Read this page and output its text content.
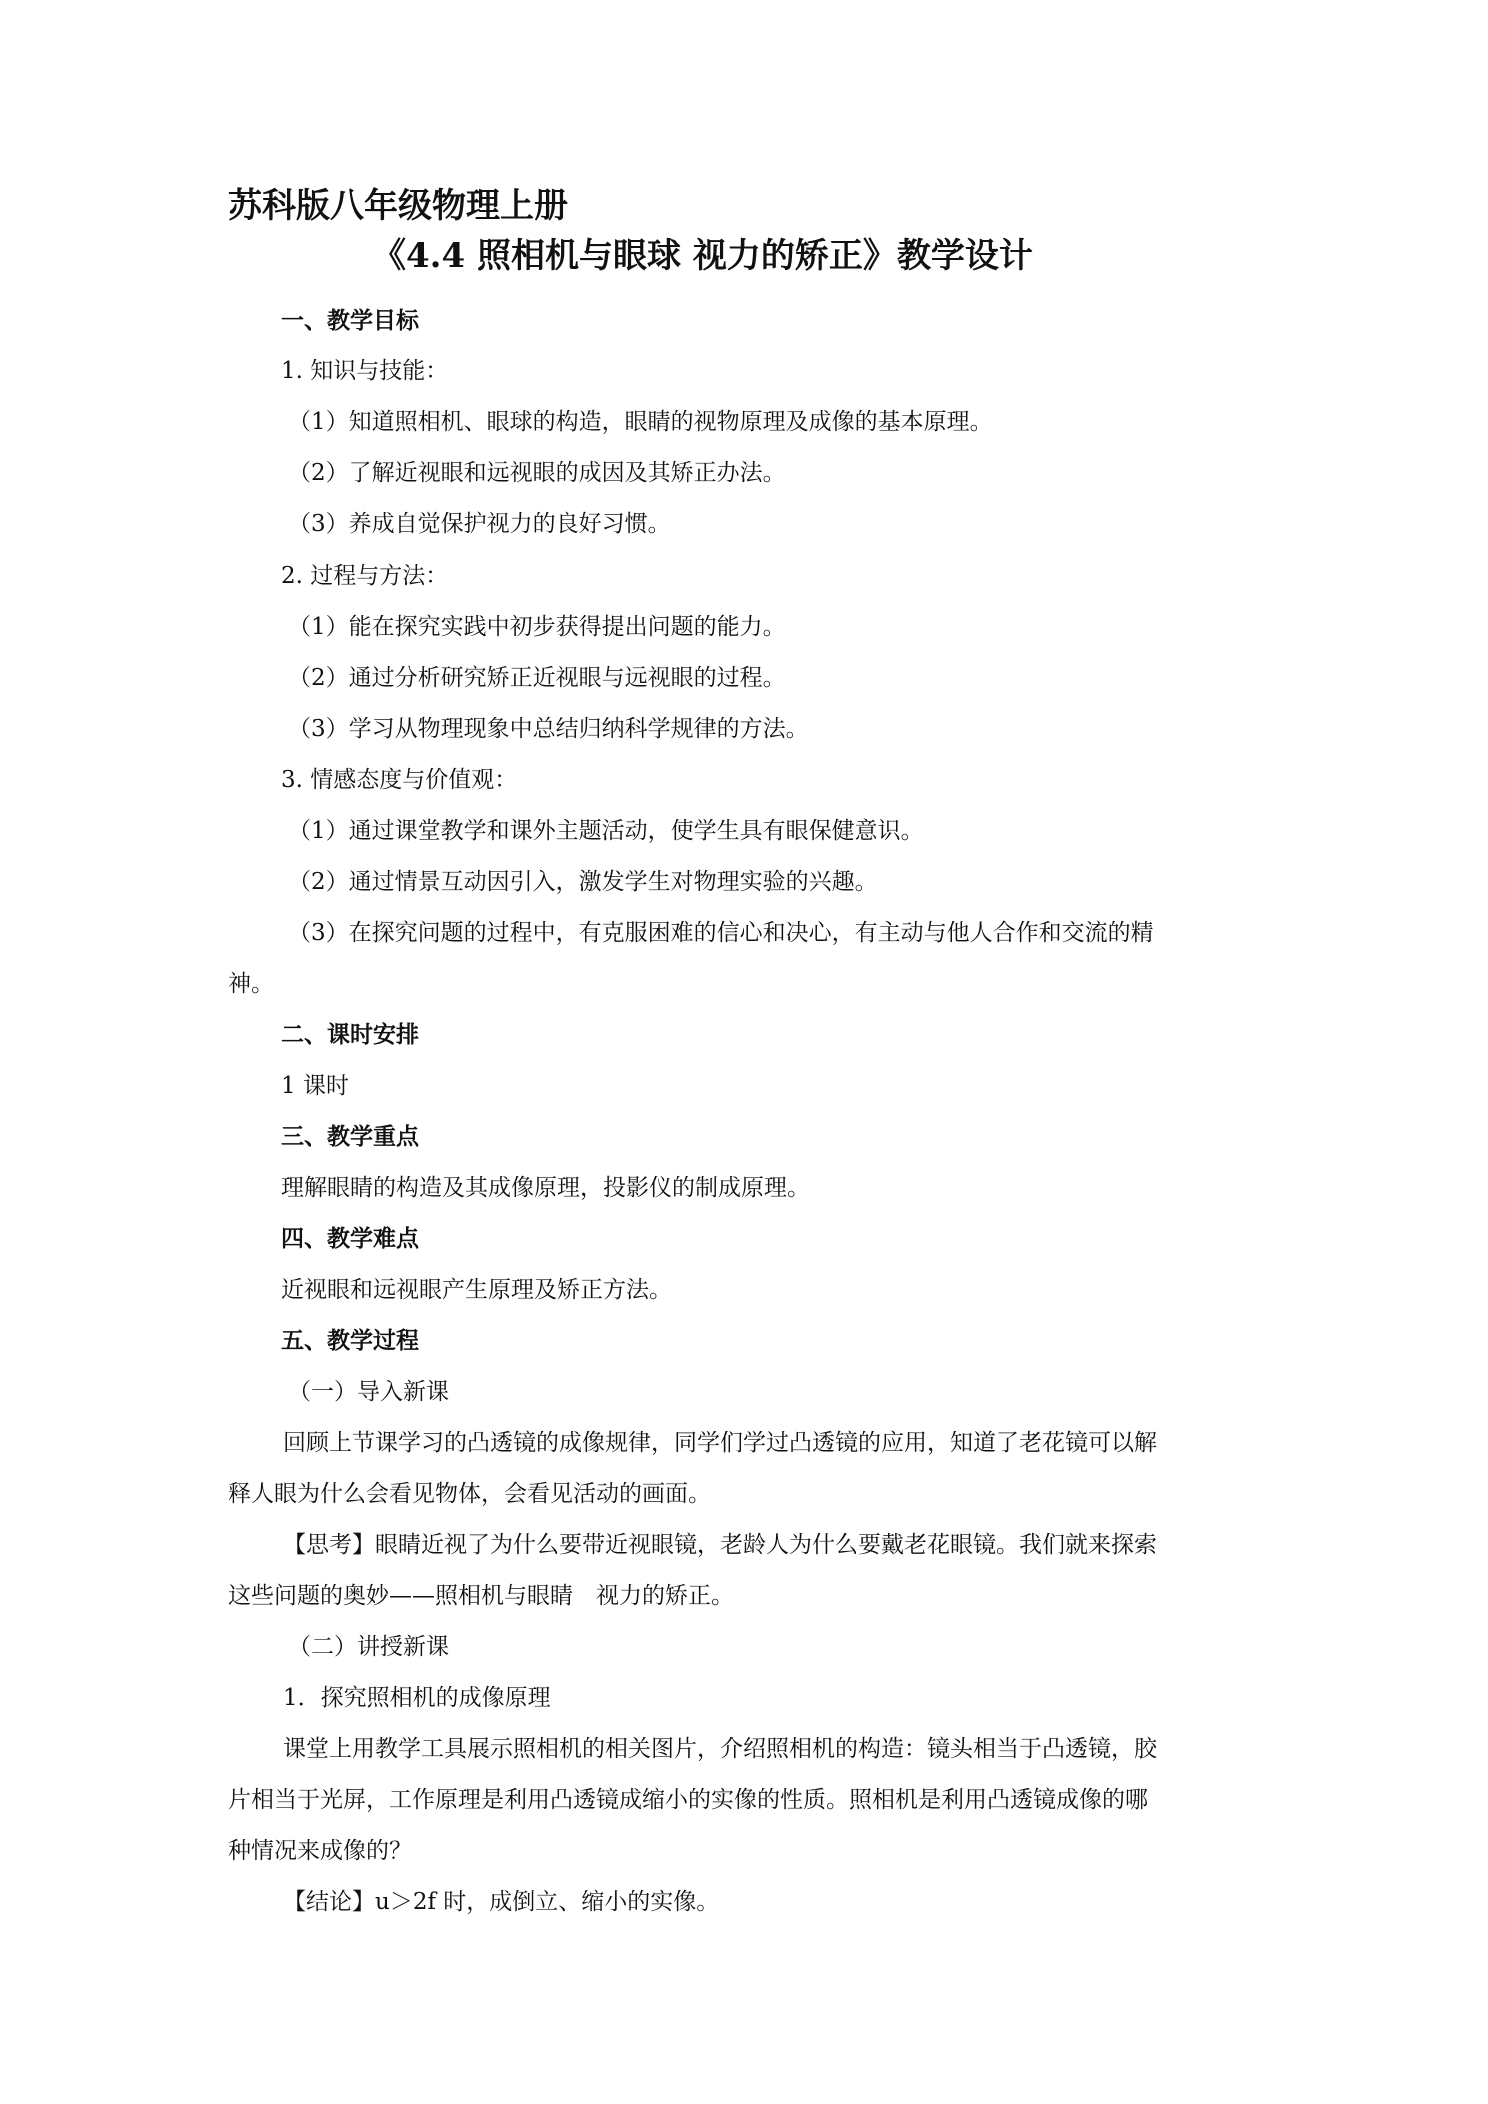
苏科版八年级物理上册

《4.4 照相机与眼球 视力的矫正》教学设计

一、教学目标

1. 知识与技能：

（1）知道照相机、眼球的构造，眼睛的视物原理及成像的基本原理。

（2）了解近视眼和远视眼的成因及其矫正办法。

（3）养成自觉保护视力的良好习惯。

2. 过程与方法：

（1）能在探究实践中初步获得提出问题的能力。

（2）通过分析研究矫正近视眼与远视眼的过程。

（3）学习从物理现象中总结归纳科学规律的方法。

3. 情感态度与价值观：

（1）通过课堂教学和课外主题活动，使学生具有眼保健意识。

（2）通过情景互动因引入，激发学生对物理实验的兴趣。

（3）在探究问题的过程中，有克服困难的信心和决心，有主动与他人合作和交流的精

神。

二、课时安排

1 课时

三、教学重点

理解眼睛的构造及其成像原理，投影仪的制成原理。

四、教学难点

近视眼和远视眼产生原理及矫正方法。

五、教学过程

（一）导入新课

回顾上节课学习的凸透镜的成像规律，同学们学过凸透镜的应用，知道了老花镜可以解

释人眼为什么会看见物体，会看见活动的画面。

【思考】眼睛近视了为什么要带近视眼镜，老龄人为什么要戴老花眼镜。我们就来探索

这些问题的奥妙——照相机与眼睛　视力的矫正。

（二）讲授新课

1．探究照相机的成像原理

课堂上用教学工具展示照相机的相关图片，介绍照相机的构造：镜头相当于凸透镜，胶

片相当于光屏，工作原理是利用凸透镜成缩小的实像的性质。照相机是利用凸透镜成像的哪

种情况来成像的？

【结论】u＞2f 时，成倒立、缩小的实像。
